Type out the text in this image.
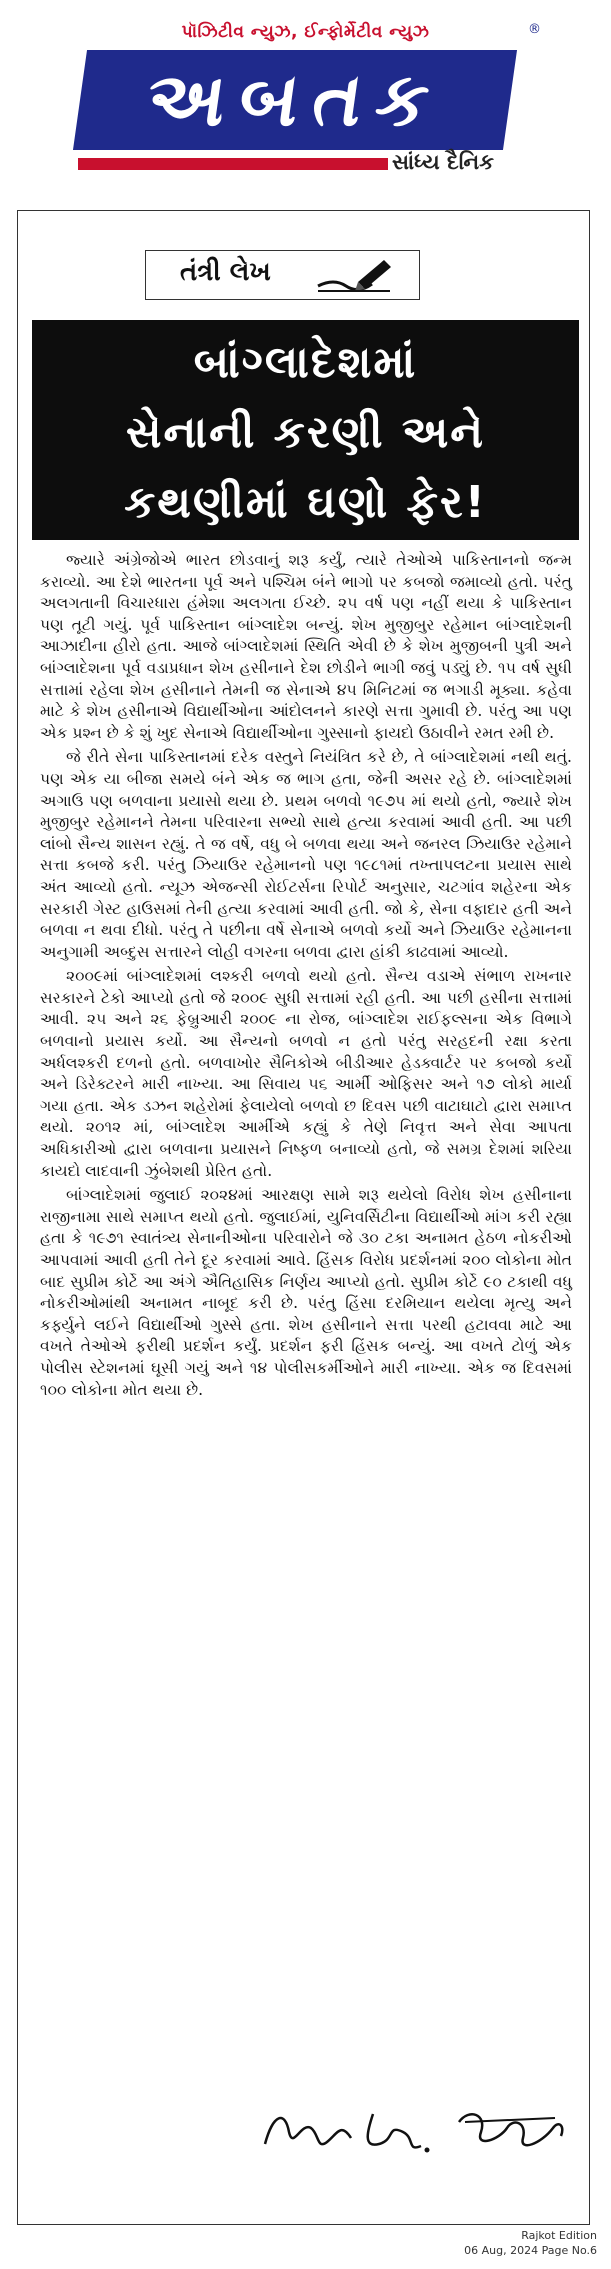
પૉઝિટીવ ન્યુઝ, ઈન્ફોર્મેટીવ ન્યુઝ
અબતક
®
સાંધ્ય દૈનિક
તંત્રી લેખ
બાંગ્લાદેશમાં
સેનાની કરણી અને
કથણીમાં ઘણો ફેર!

જ્યારે અંગ્રેજોએ ભારત છોડવાનું શરૂ કર્યું, ત્યારે તેઓએ પાકિસ્તાનનો જન્મ કરાવ્યો. આ દેશે ભારતના પૂર્વ અને પશ્ચિમ બંને ભાગો પર કબજો જમાવ્યો હતો. પરંતુ અલગતાની વિચારધારા હંમેશા અલગતા ઈચ્છે. ૨૫ વર્ષ પણ નહીં થયા કે પાકિસ્તાન પણ તૂટી ગયું. પૂર્વ પાકિસ્તાન બાંગ્લાદેશ બન્યું. શેખ મુજીબુર રહેમાન બાંગ્લાદેશની આઝાદીના હીરો હતા. આજે બાંગ્લાદેશમાં સ્થિતિ એવી છે કે શેખ મુજીબની પુત્રી અને બાંગ્લાદેશના પૂર્વ વડાપ્રધાન શેખ હસીનાને દેશ છોડીને ભાગી જવું પડ્યું છે. ૧૫ વર્ષ સુધી સત્તામાં રહેલા શેખ હસીનાને તેમની જ સેનાએ ૪૫ મિનિટમાં જ ભગાડી મૂક્યા. કહેવા માટે કે શેખ હસીનાએ વિદ્યાર્થીઓના આંદોલનને કારણે સત્તા ગુમાવી છે. પરંતુ આ પણ એક પ્રશ્ન છે કે શું ખુદ સેનાએ વિદ્યાર્થીઓના ગુસ્સાનો ફાયદો ઉઠાવીને રમત રમી છે.

જે રીતે સેના પાકિસ્તાનમાં દરેક વસ્તુને નિયંત્રિત કરે છે, તે બાંગ્લાદેશમાં નથી થતું. પણ એક યા બીજા સમયે બંને એક જ ભાગ હતા, જેની અસર રહે છે. બાંગ્લાદેશમાં અગાઉ પણ બળવાના પ્રયાસો થયા છે. પ્રથમ બળવો ૧૯૭૫ માં થયો હતો, જ્યારે શેખ મુજીબુર રહેમાનને તેમના પરિવારના સભ્યો સાથે હત્યા કરવામાં આવી હતી. આ પછી લાંબો સૈન્ય શાસન રહ્યું. તે જ વર્ષે, વધુ બે બળવા થયા અને જનરલ ઝિયાઉર રહેમાને સત્તા કબજે કરી. પરંતુ ઝિયાઉર રહેમાનનો પણ ૧૯૮૧માં તખ્તાપલટના પ્રયાસ સાથે અંત આવ્યો હતો. ન્યૂઝ એજન્સી રોઈટર્સના રિપોર્ટ અનુસાર, ચટગાંવ શહેરના એક સરકારી ગેસ્ટ હાઉસમાં તેની હત્યા કરવામાં આવી હતી. જો કે, સેના વફાદાર હતી અને બળવા ન થવા દીધો. પરંતુ તે પછીના વર્ષે સેનાએ બળવો કર્યો અને ઝિયાઉર રહેમાનના અનુગામી અબ્દુસ સત્તારને લોહી વગરના બળવા દ્વારા હાંકી કાઢવામાં આવ્યો.

૨૦૦૯માં બાંગ્લાદેશમાં લશ્કરી બળવો થયો હતો. સૈન્ય વડાએ સંભાળ રાખનાર સરકારને ટેકો આપ્યો હતો જે ૨૦૦૯ સુધી સત્તામાં રહી હતી. આ પછી હસીના સત્તામાં આવી. ૨૫ અને ૨૬ ફેબ્રુઆરી ૨૦૦૯ ના રોજ, બાંગ્લાદેશ રાઈફલ્સના એક વિભાગે બળવાનો પ્રયાસ કર્યો. આ સૈન્યનો બળવો ન હતો પરંતુ સરહદની રક્ષા કરતા અર્ધલશ્કરી દળનો હતો. બળવાખોર સૈનિકોએ બીડીઆર હેડક્વાર્ટર પર કબજો કર્યો અને ડિરેક્ટરને મારી નાખ્યા. આ સિવાય ૫૬ આર્મી ઓફિસર અને ૧૭ લોકો માર્યા ગયા હતા. એક ડઝન શહેરોમાં ફેલાયેલો બળવો છ દિવસ પછી વાટાઘાટો દ્વારા સમાપ્ત થયો. ૨૦૧૨ માં, બાંગ્લાદેશ આર્મીએ કહ્યું કે તેણે નિવૃત્ત અને સેવા આપતા અધિકારીઓ દ્વારા બળવાના પ્રયાસને નિષ્ફળ બનાવ્યો હતો, જે સમગ્ર દેશમાં શરિયા કાયદો લાદવાની ઝુંબેશથી પ્રેરિત હતો.

બાંગ્લાદેશમાં જુલાઈ ૨૦૨૪માં આરક્ષણ સામે શરૂ થયેલો વિરોધ શેખ હસીનાના રાજીનામા સાથે સમાપ્ત થયો હતો. જુલાઈમાં, યુનિવર્સિટીના વિદ્યાર્થીઓ માંગ કરી રહ્યા હતા કે ૧૯૭૧ સ્વાતંત્ર્ય સેનાનીઓના પરિવારોને જે ૩૦ ટકા અનામત હેઠળ નોકરીઓ આપવામાં આવી હતી તેને દૂર કરવામાં આવે. હિંસક વિરોધ પ્રદર્શનમાં ૨૦૦ લોકોના મોત બાદ સુપ્રીમ કોર્ટે આ અંગે ઐતિહાસિક નિર્ણય આપ્યો હતો. સુપ્રીમ કોર્ટે ૯૦ ટકાથી વધુ નોકરીઓમાંથી અનામત નાબૂદ કરી છે. પરંતુ હિંસા દરમિયાન થયેલા મૃત્યુ અને કર્ફ્યુને લઈને વિદ્યાર્થીઓ ગુસ્સે હતા. શેખ હસીનાને સત્તા પરથી હટાવવા માટે આ વખતે તેઓએ ફરીથી પ્રદર્શન કર્યું. પ્રદર્શન ફરી હિંસક બન્યું. આ વખતે ટોળું એક પોલીસ સ્ટેશનમાં ઘૂસી ગયું અને ૧૪ પોલીસકર્મીઓને મારી નાખ્યા. એક જ દિવસમાં ૧૦૦ લોકોના મોત થયા છે.

Rajkot Edition
06 Aug, 2024 Page No.6
